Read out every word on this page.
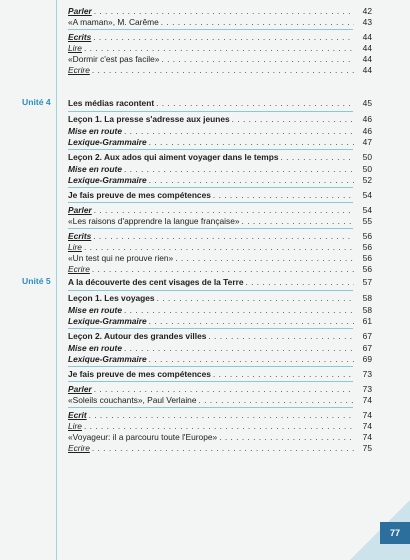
Parler . . .	42
«A maman», M. Carême . . .	43
Ecrits . . .	44
Lire . . .	44
«Dormir c'est pas facile» . . .	44
Ecrire . . .	44
Unité 4 Les médias racontent . . .	45
Leçon 1. La presse s'adresse aux jeunes . . .	46
Mise en route . . .	46
Lexique-Grammaire . . .	47
Leçon 2. Aux ados qui aiment voyager dans le temps . . .	50
Mise en route . . .	50
Lexique-Grammaire . . .	52
Je fais preuve de mes compétences . . .	54
Parler . . .	54
«Les raisons d'apprendre la langue française» . . .	55
Ecrits . . .	56
Lire . . .	56
«Un test qui ne prouve rien» . . .	56
Ecrire . . .	56
Unité 5 A la découverte des cent visages de la Terre . . .	57
Leçon 1. Les voyages . . .	58
Mise en route . . .	58
Lexique-Grammaire . . .	61
Leçon 2. Autour des grandes villes . . .	67
Mise en route . . .	67
Lexique-Grammaire . . .	69
Je fais preuve de mes compétences . . .	73
Parler . . .	73
«Soleils couchants», Paul Verlaine . . .	74
Ecrit . . .	74
Lire . . .	74
«Voyageur: il a parcouru toute l'Europe» . . .	74
Ecrire . . .	75
77
